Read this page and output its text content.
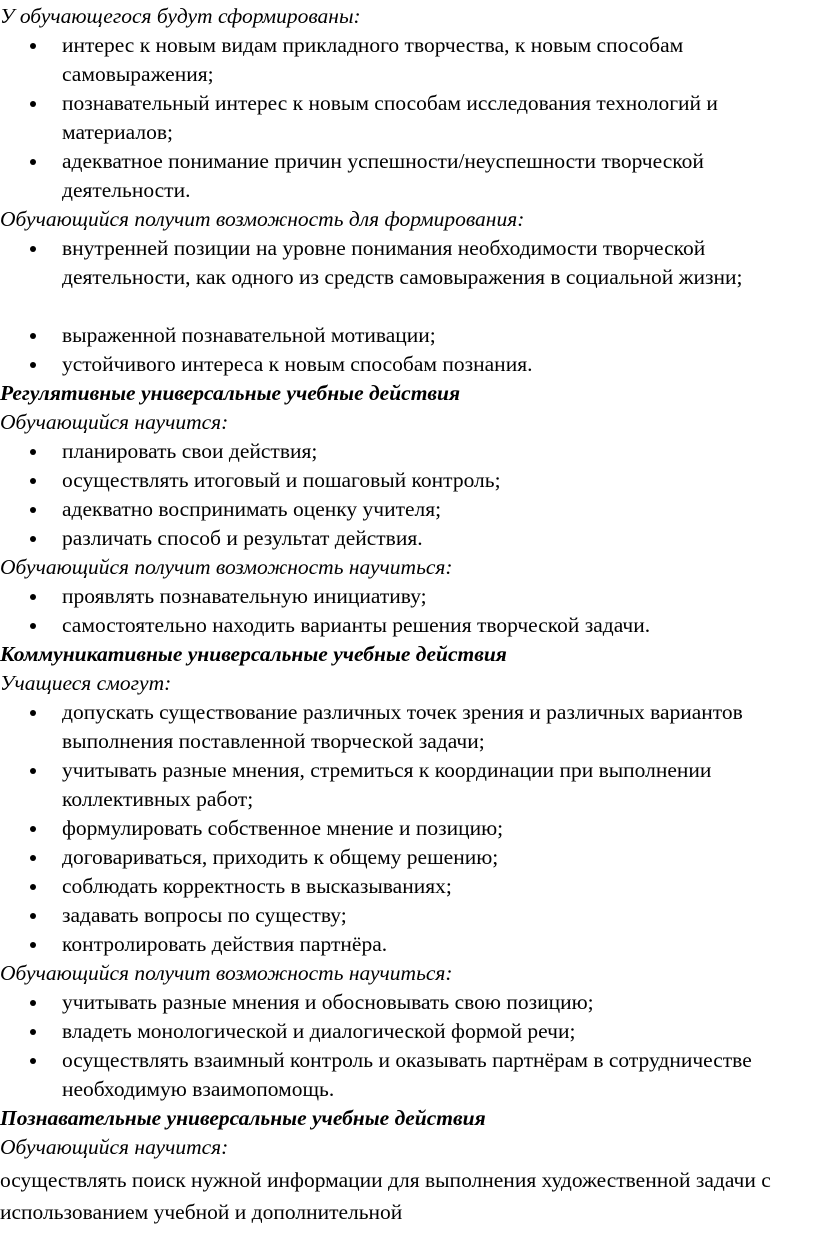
У обучающегося будут сформированы:
интерес к новым видам прикладного творчества, к новым способам самовыражения;
познавательный интерес к новым способам исследования технологий и материалов;
адекватное понимание причин успешности/неуспешности творческой деятельности.
Обучающийся получит возможность для формирования:
внутренней позиции на уровне понимания необходимости творческой деятельности, как одного из средств самовыражения в социальной жизни;
выраженной познавательной мотивации;
устойчивого интереса к новым способам познания.
Регулятивные универсальные учебные действия
Обучающийся научится:
планировать свои действия;
осуществлять итоговый и пошаговый контроль;
адекватно воспринимать оценку учителя;
различать способ и результат действия.
Обучающийся получит возможность научиться:
проявлять познавательную инициативу;
самостоятельно находить варианты решения творческой задачи.
Коммуникативные универсальные учебные действия
Учащиеся смогут:
допускать существование различных точек зрения и различных вариантов выполнения поставленной творческой задачи;
учитывать разные мнения, стремиться к координации при выполнении коллективных работ;
формулировать собственное мнение и позицию;
договариваться, приходить к общему решению;
соблюдать корректность в высказываниях;
задавать вопросы по существу;
контролировать действия партнёра.
Обучающийся получит возможность научиться:
учитывать разные мнения и обосновывать свою позицию;
владеть монологической и диалогической формой речи;
осуществлять взаимный контроль и оказывать партнёрам в сотрудничестве необходимую взаимопомощь.
Познавательные универсальные учебные действия
Обучающийся научится:
осуществлять поиск нужной информации для выполнения художественной задачи с использованием учебной и дополнительной
